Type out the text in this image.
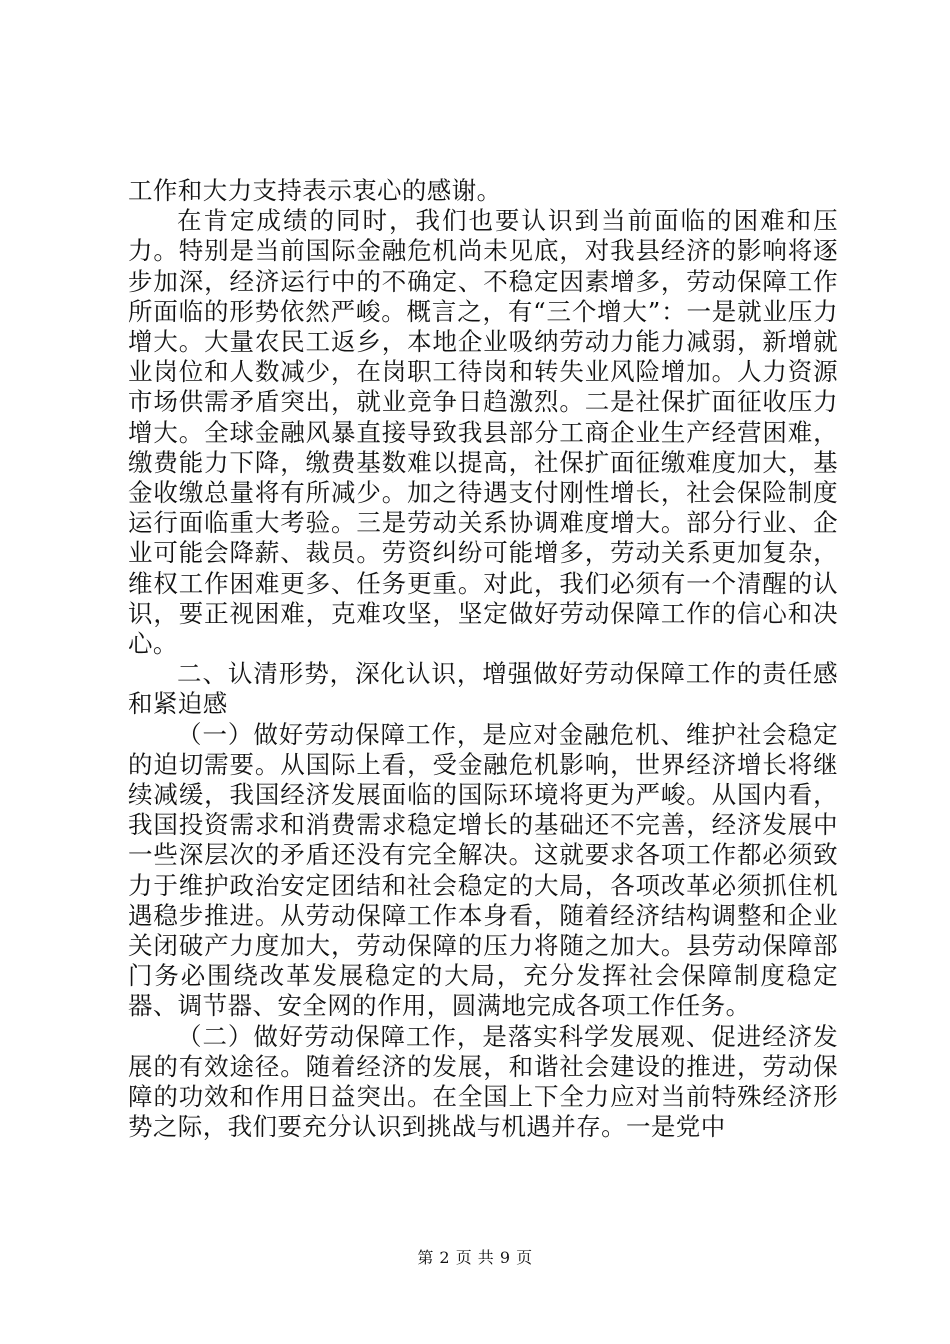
工作和大力支持表示衷心的感谢。

在肯定成绩的同时，我们也要认识到当前面临的困难和压力。特别是当前国际金融危机尚未见底，对我县经济的影响将逐步加深，经济运行中的不确定、不稳定因素增多，劳动保障工作所面临的形势依然严峻。概言之，有“三个增大”：一是就业压力增大。大量农民工返乡，本地企业吸纳劳动力能力减弱，新增就业岗位和人数减少，在岗职工待岗和转失业风险增加。人力资源市场供需矛盾突出，就业竞争日趋激烈。二是社保扩面征收压力增大。全球金融风暴直接导致我县部分工商企业生产经营困难，缴费能力下降，缴费基数难以提高，社保扩面征缴难度加大，基金收缴总量将有所减少。加之待遇支付刚性增长，社会保险制度运行面临重大考验。三是劳动关系协调难度增大。部分行业、企业可能会降薪、裁员。劳资纠纷可能增多，劳动关系更加复杂，维权工作困难更多、任务更重。对此，我们必须有一个清醒的认识，要正视困难，克难攻坚，坚定做好劳动保障工作的信心和决心。

二、认清形势，深化认识，增强做好劳动保障工作的责任感和紧迫感

（一）做好劳动保障工作，是应对金融危机、维护社会稳定的迫切需要。从国际上看，受金融危机影响，世界经济增长将继续减缓，我国经济发展面临的国际环境将更为严峻。从国内看，我国投资需求和消费需求稳定增长的基础还不完善，经济发展中一些深层次的矛盾还没有完全解决。这就要求各项工作都必须致力于维护政治安定团结和社会稳定的大局，各项改革必须抓住机遇稳步推进。从劳动保障工作本身看，随着经济结构调整和企业关闭破产力度加大，劳动保障的压力将随之加大。县劳动保障部门务必围绕改革发展稳定的大局，充分发挥社会保障制度稳定器、调节器、安全网的作用，圆满地完成各项工作任务。

（二）做好劳动保障工作，是落实科学发展观、促进经济发展的有效途径。随着经济的发展，和谐社会建设的推进，劳动保障的功效和作用日益突出。在全国上下全力应对当前特殊经济形势之际，我们要充分认识到挑战与机遇并存。一是党中

第 2 页 共 9 页
